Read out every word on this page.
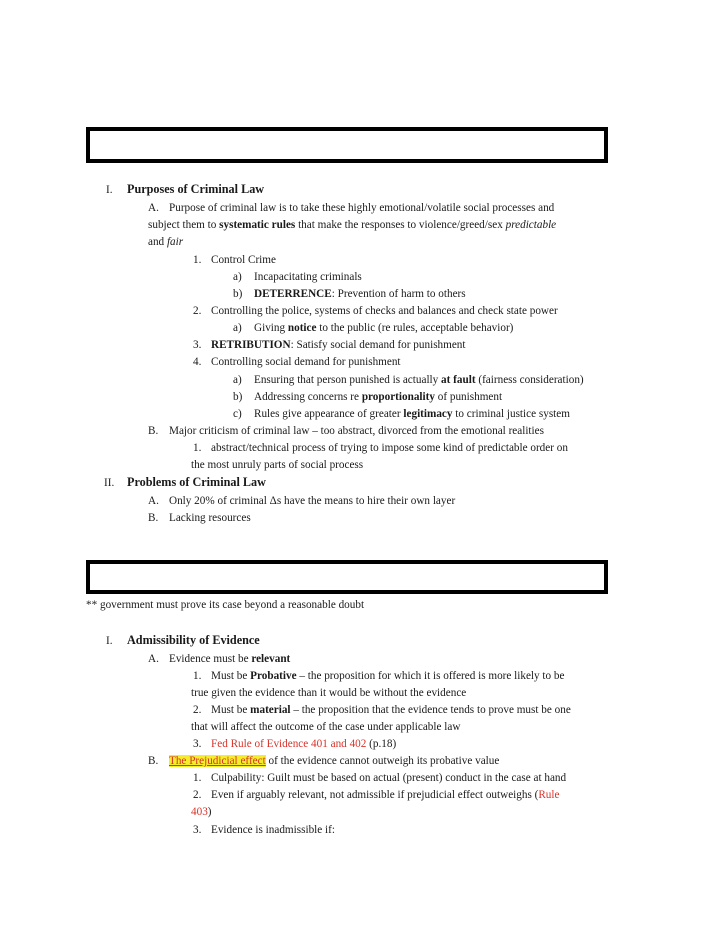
I. Purposes of Criminal Law
A. Purpose of criminal law is to take these highly emotional/volatile social processes and
subject them to systematic rules that make the responses to violence/greed/sex predictable
and fair
1. Control Crime
a) Incapacitating criminals
b) DETERRENCE: Prevention of harm to others
2. Controlling the police, systems of checks and balances and check state power
a) Giving notice to the public (re rules, acceptable behavior)
3. RETRIBUTION: Satisfy social demand for punishment
4. Controlling social demand for punishment
a) Ensuring that person punished is actually at fault (fairness consideration)
b) Addressing concerns re proportionality of punishment
c) Rules give appearance of greater legitimacy to criminal justice system
B. Major criticism of criminal law – too abstract, divorced from the emotional realities
1. abstract/technical process of trying to impose some kind of predictable order on
the most unruly parts of social process
II. Problems of Criminal Law
A. Only 20% of criminal Δs have the means to hire their own layer
B. Lacking resources
** government must prove its case beyond a reasonable doubt
I. Admissibility of Evidence
A. Evidence must be relevant
1. Must be Probative – the proposition for which it is offered is more likely to be
true given the evidence than it would be without the evidence
2. Must be material – the proposition that the evidence tends to prove must be one
that will affect the outcome of the case under applicable law
3. Fed Rule of Evidence 401 and 402 (p.18)
B. The Prejudicial effect of the evidence cannot outweigh its probative value
1. Culpability: Guilt must be based on actual (present) conduct in the case at hand
2. Even if arguably relevant, not admissible if prejudicial effect outweighs (Rule
403)
3. Evidence is inadmissible if:
